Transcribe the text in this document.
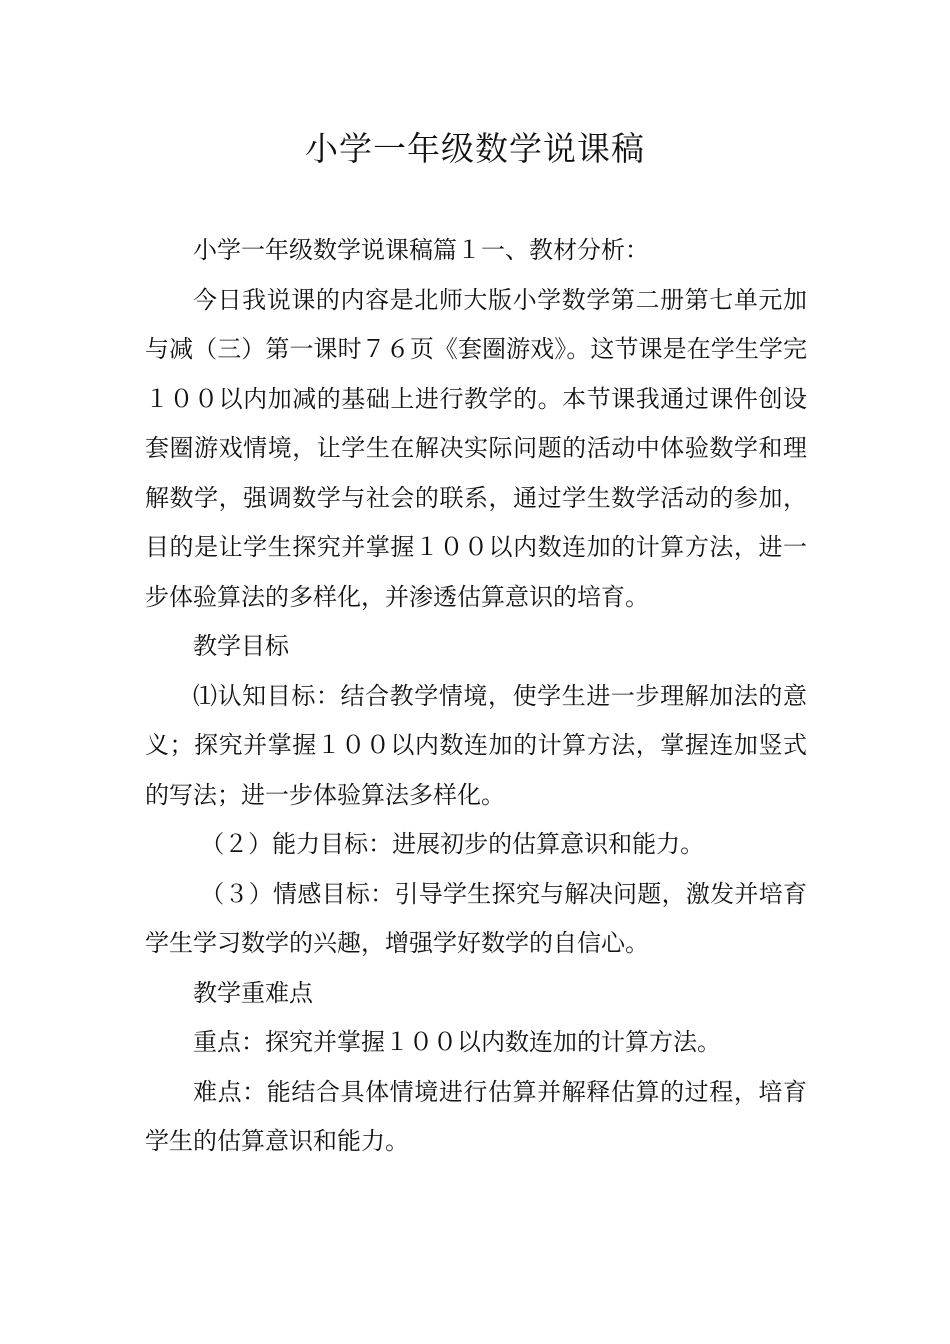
小学一年级数学说课稿

小学一年级数学说课稿篇１一、教材分析：

今日我说课的内容是北师大版小学数学第二册第七单元加与减（三）第一课时７６页《套圈游戏》。这节课是在学生学完１００以内加减的基础上进行教学的。本节课我通过课件创设套圈游戏情境，让学生在解决实际问题的活动中体验数学和理解数学，强调数学与社会的联系，通过学生数学活动的参加，目的是让学生探究并掌握１００以内数连加的计算方法，进一步体验算法的多样化，并渗透估算意识的培育。

教学目标

⑴认知目标：结合教学情境，使学生进一步理解加法的意义；探究并掌握１００以内数连加的计算方法，掌握连加竖式的写法；进一步体验算法多样化。

（２）能力目标：进展初步的估算意识和能力。

（３）情感目标：引导学生探究与解决问题，激发并培育学生学习数学的兴趣，增强学好数学的自信心。

教学重难点

重点：探究并掌握１００以内数连加的计算方法。

难点：能结合具体情境进行估算并解释估算的过程，培育学生的估算意识和能力。
